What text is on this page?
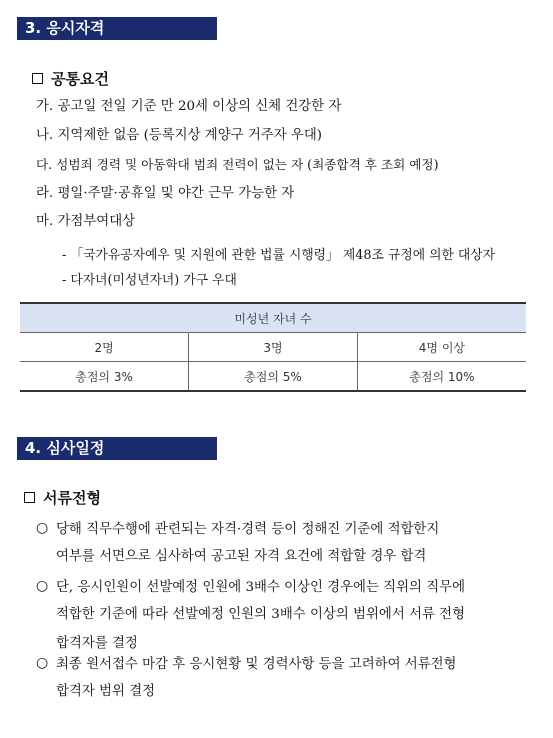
3. 응시자격
공통요건
가. 공고일 전일 기준 만 20세 이상의 신체 건강한 자
나. 지역제한 없음 (등록지상 계양구 거주자 우대)
다. 성범죄 경력 및 아동학대 범죄 전력이 없는 자 (최종합격 후 조회 예정)
라. 평일·주말·공휴일 및 야간 근무 가능한 자
마. 가점부여대상
- 「국가유공자예우 및 지원에 관한 법률 시행령」 제48조 규정에 의한 대상자
- 다자녀(미성년자녀) 가구 우대
미성년 자녀 수		
2명	3명	4명 이상
총점의 3%	총점의 5%	총점의 10%
4. 심사일정
서류전형
○ 당해 직무수행에 관련되는 자격·경력 등이 정해진 기준에 적합한지
여부를 서면으로 심사하여 공고된 자격 요건에 적합할 경우 합격
○ 단, 응시인원이 선발예정 인원에 3배수 이상인 경우에는 직위의 직무에
적합한 기준에 따라 선발예정 인원의 3배수 이상의 범위에서 서류 전형
합격자를 결정
○ 최종 원서접수 마감 후 응시현황 및 경력사항 등을 고려하여 서류전형
합격자 범위 결정
